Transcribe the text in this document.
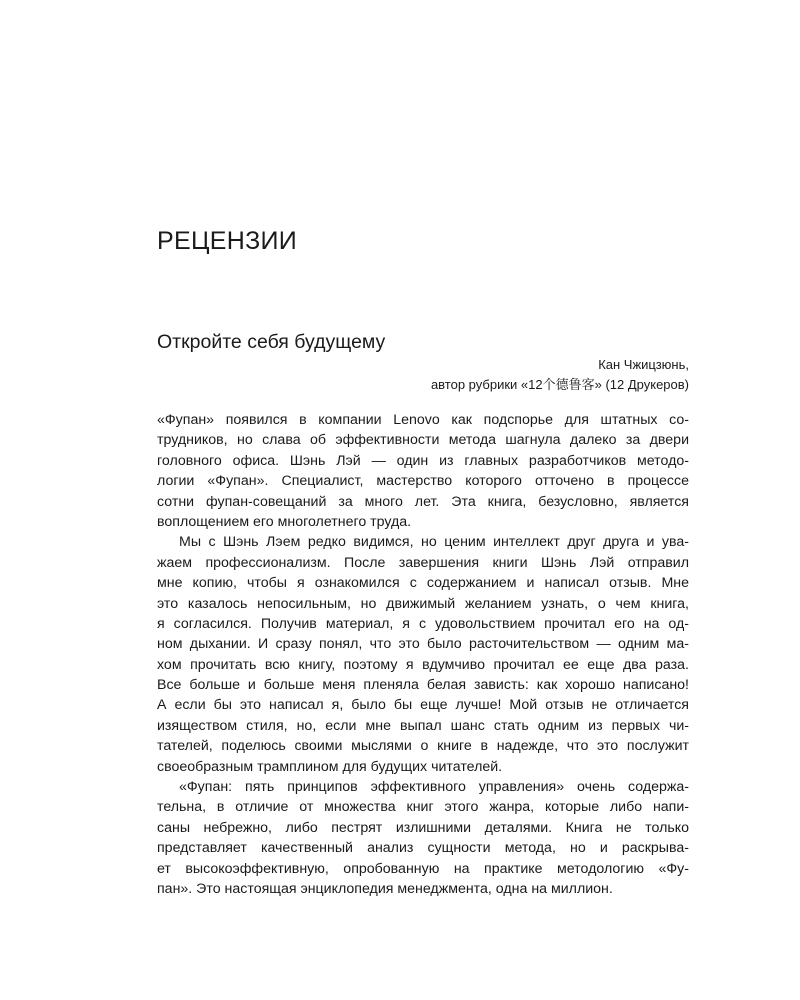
РЕЦЕНЗИИ
Откройте себя будущему
Кан Чжицзюнь,
автор рубрики «12个德鲁客» (12 Друкеров)
«Фупан» появился в компании Lenovo как подспорье для штатных со-
трудников, но слава об эффективности метода шагнула далеко за двери
головного офиса. Шэнь Лэй — один из главных разработчиков методо-
логии «Фупан». Специалист, мастерство которого отточено в процессе
сотни фупан-совещаний за много лет. Эта книга, безусловно, является
воплощением его многолетнего труда.
Мы с Шэнь Лэем редко видимся, но ценим интеллект друг друга и ува-
жаем профессионализм. После завершения книги Шэнь Лэй отправил
мне копию, чтобы я ознакомился с содержанием и написал отзыв. Мне
это казалось непосильным, но движимый желанием узнать, о чем книга,
я согласился. Получив материал, я с удовольствием прочитал его на од-
ном дыхании. И сразу понял, что это было расточительством — одним ма-
хом прочитать всю книгу, поэтому я вдумчиво прочитал ее еще два раза.
Все больше и больше меня пленяла белая зависть: как хорошо написано!
А если бы это написал я, было бы еще лучше! Мой отзыв не отличается
изяществом стиля, но, если мне выпал шанс стать одним из первых чи-
тателей, поделюсь своими мыслями о книге в надежде, что это послужит
своеобразным трамплином для будущих читателей.
«Фупан: пять принципов эффективного управления» очень содержа-
тельна, в отличие от множества книг этого жанра, которые либо напи-
саны небрежно, либо пестрят излишними деталями. Книга не только
представляет качественный анализ сущности метода, но и раскрыва-
ет высокоэффективную, опробованную на практике методологию «Фу-
пан». Это настоящая энциклопедия менеджмента, одна на миллион.
